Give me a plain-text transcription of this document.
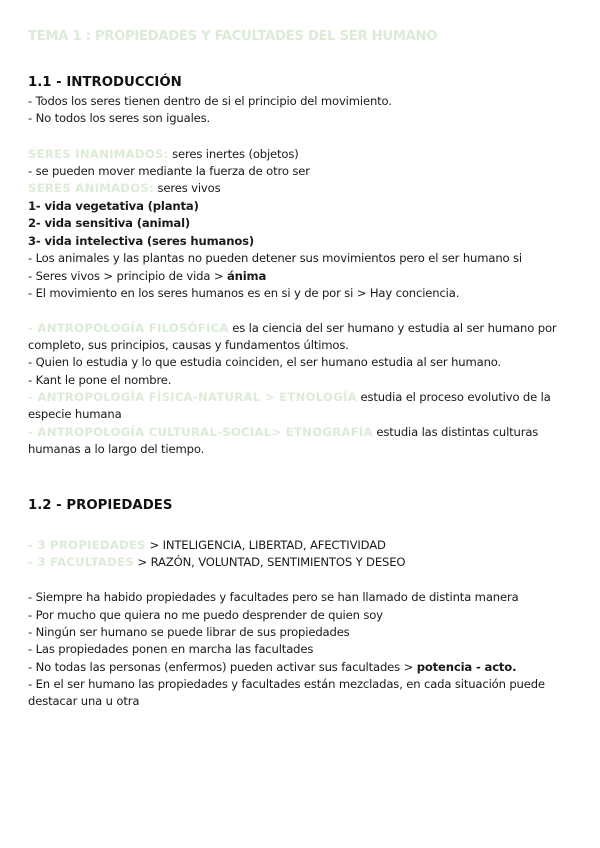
TEMA 1 : PROPIEDADES Y FACULTADES DEL SER HUMANO
1.1 - INTRODUCCIÓN
- Todos los seres tienen dentro de si el principio del movimiento.
- No todos los seres son iguales.
SERES INANIMADOS: seres inertes (objetos)
- se pueden mover mediante la fuerza de otro ser
SERES ANIMADOS: seres vivos
1- vida vegetativa (planta)
2- vida sensitiva (animal)
3- vida intelectiva (seres humanos)
- Los animales y las plantas no pueden detener sus movimientos pero el ser humano si
- Seres vivos > principio de vida > ánima
- El movimiento en los seres humanos es en si y de por si > Hay conciencia.
- ANTROPOLOGÍA FILOSÓFICA es la ciencia del ser humano y estudia al ser humano por
completo, sus principios, causas y fundamentos últimos.
- Quien lo estudia y lo que estudia coinciden, el ser humano estudia al ser humano.
- Kant le pone el nombre.
- ANTROPOLOGÍA FÍSICA-NATURAL > ETNOLOGÍA estudia el proceso evolutivo de la
especie humana
- ANTROPOLOGÍA CULTURAL-SOCIAL> ETNOGRAFÍA estudia las distintas culturas
humanas a lo largo del tiempo.
1.2 - PROPIEDADES
- 3 PROPIEDADES > INTELIGENCIA, LIBERTAD, AFECTIVIDAD
- 3 FACULTADES > RAZÓN, VOLUNTAD, SENTIMIENTOS Y DESEO
- Siempre ha habido propiedades y facultades pero se han llamado de distinta manera
- Por mucho que quiera no me puedo desprender de quien soy
- Ningún ser humano se puede librar de sus propiedades
- Las propiedades ponen en marcha las facultades
- No todas las personas (enfermos) pueden activar sus facultades > potencia - acto.
- En el ser humano las propiedades y facultades están mezcladas, en cada situación puede
destacar una u otra
